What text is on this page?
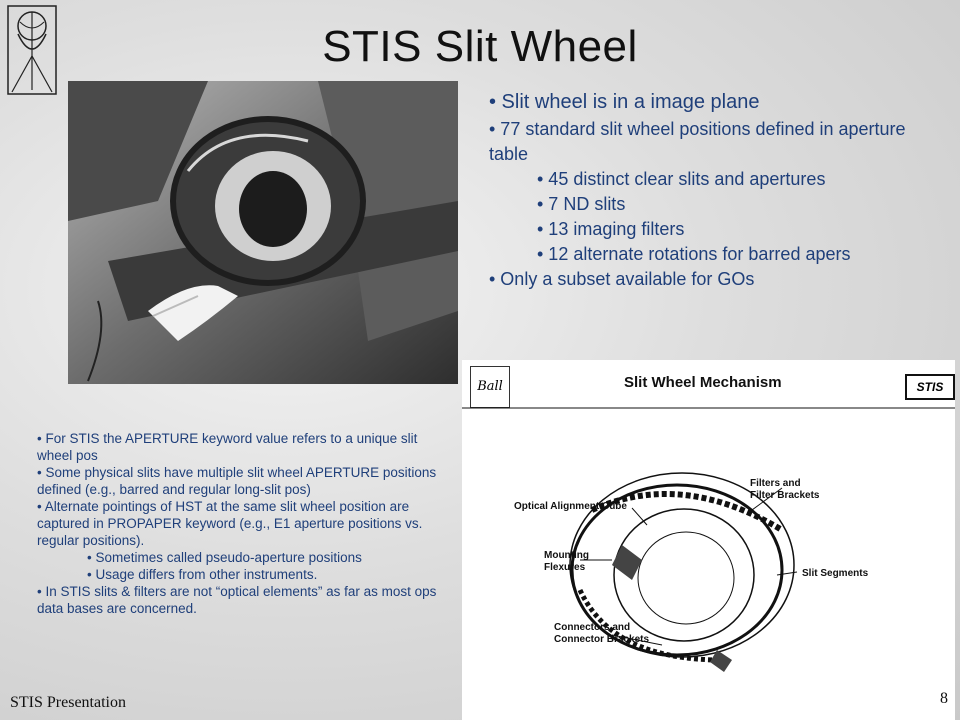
STIS Slit Wheel
• Slit wheel is in a image plane
• 77 standard slit wheel positions defined in aperture table
• 45 distinct clear slits and apertures
• 7 ND slits
• 13 imaging filters
• 12 alternate rotations for barred apers
• Only a subset available for GOs
• For STIS the APERTURE keyword value refers to a unique slit wheel pos
• Some physical slits have multiple slit wheel APERTURE positions defined (e.g., barred and regular long-slit pos)
• Alternate pointings of HST at the same slit wheel position are captured in PROPAPER keyword (e.g., E1 aperture positions vs. regular positions).
• Sometimes called pseudo-aperture positions
• Usage differs from other instruments.
• In STIS slits & filters are not “optical elements” as far as most ops data bases are concerned.
Ball	Slit Wheel Mechanism	STIS
Filters and
Filter Brackets
Optical Alignment Cube
Mounting
Flexures
Slit Segments
Connectors and
Connector Brackets
STIS Presentation	8
